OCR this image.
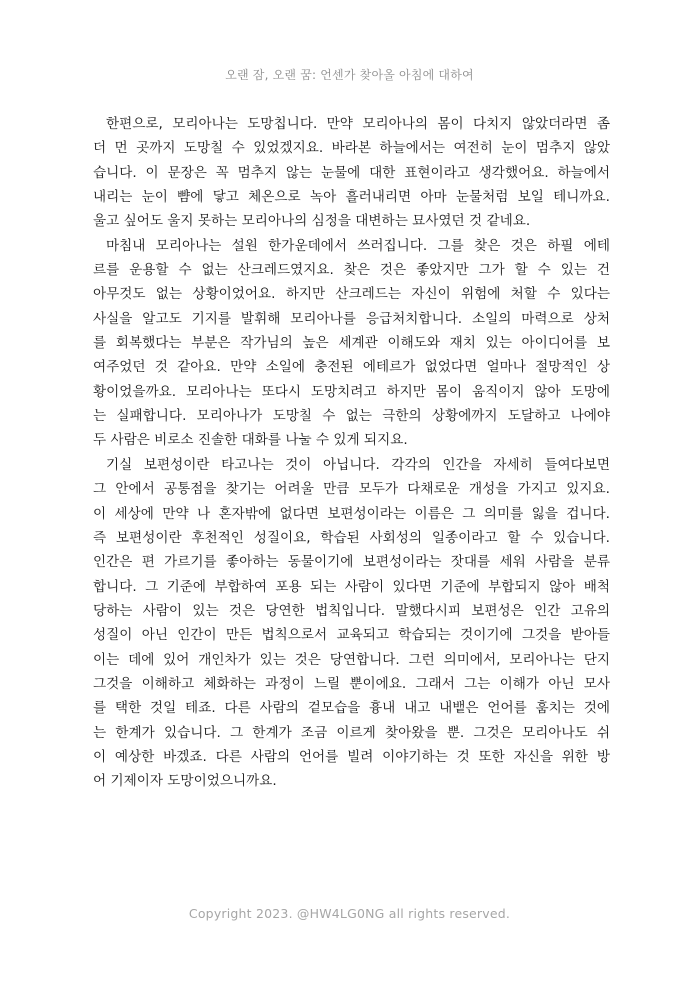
오랜 잠, 오랜 꿈: 언센가 찾아올 아침에 대하여
한편으로, 모리아나는 도망칩니다. 만약 모리아나의 몸이 다치지 않았더라면 좀
더 먼 곳까지 도망칠 수 있었겠지요. 바라본 하늘에서는 여전히 눈이 멈추지 않았
습니다. 이 문장은 꼭 멈추지 않는 눈물에 대한 표현이라고 생각했어요. 하늘에서
내리는 눈이 뺨에 닿고 체온으로 녹아 흘러내리면 아마 눈물처럼 보일 테니까요.
울고 싶어도 울지 못하는 모리아나의 심정을 대변하는 묘사였던 것 같네요.
마침내 모리아나는 설원 한가운데에서 쓰러집니다. 그를 찾은 것은 하필 에테
르를 운용할 수 없는 산크레드였지요. 찾은 것은 좋았지만 그가 할 수 있는 건
아무것도 없는 상황이었어요. 하지만 산크레드는 자신이 위험에 처할 수 있다는
사실을 알고도 기지를 발휘해 모리아나를 응급처치합니다. 소일의 마력으로 상처
를 회복했다는 부분은 작가님의 높은 세계관 이해도와 재치 있는 아이디어를 보
여주었던 것 같아요. 만약 소일에 충전된 에테르가 없었다면 얼마나 절망적인 상
황이었을까요. 모리아나는 또다시 도망치려고 하지만 몸이 움직이지 않아 도망에
는 실패합니다. 모리아나가 도망칠 수 없는 극한의 상황에까지 도달하고 나에야
두 사람은 비로소 진솔한 대화를 나눌 수 있게 되지요.
기실 보편성이란 타고나는 것이 아닙니다. 각각의 인간을 자세히 들여다보면
그 안에서 공통점을 찾기는 어려울 만큼 모두가 다채로운 개성을 가지고 있지요.
이 세상에 만약 나 혼자밖에 없다면 보편성이라는 이름은 그 의미를 잃을 겁니다.
즉 보편성이란 후천적인 성질이요, 학습된 사회성의 일종이라고 할 수 있습니다.
인간은 편 가르기를 좋아하는 동물이기에 보편성이라는 잣대를 세워 사람을 분류
합니다. 그 기준에 부합하여 포용 되는 사람이 있다면 기준에 부합되지 않아 배척
당하는 사람이 있는 것은 당연한 법칙입니다. 말했다시피 보편성은 인간 고유의
성질이 아닌 인간이 만든 법칙으로서 교육되고 학습되는 것이기에 그것을 받아들
이는 데에 있어 개인차가 있는 것은 당연합니다. 그런 의미에서, 모리아나는 단지
그것을 이해하고 체화하는 과정이 느릴 뿐이에요. 그래서 그는 이해가 아닌 모사
를 택한 것일 테죠. 다른 사람의 겉모습을 흉내 내고 내뱉은 언어를 훔치는 것에
는 한계가 있습니다. 그 한계가 조금 이르게 찾아왔을 뿐. 그것은 모리아나도 쉬
이 예상한 바겠죠. 다른 사람의 언어를 빌려 이야기하는 것 또한 자신을 위한 방
어 기제이자 도망이었으니까요.
Copyright 2023. @HW4LG0NG all rights reserved.
